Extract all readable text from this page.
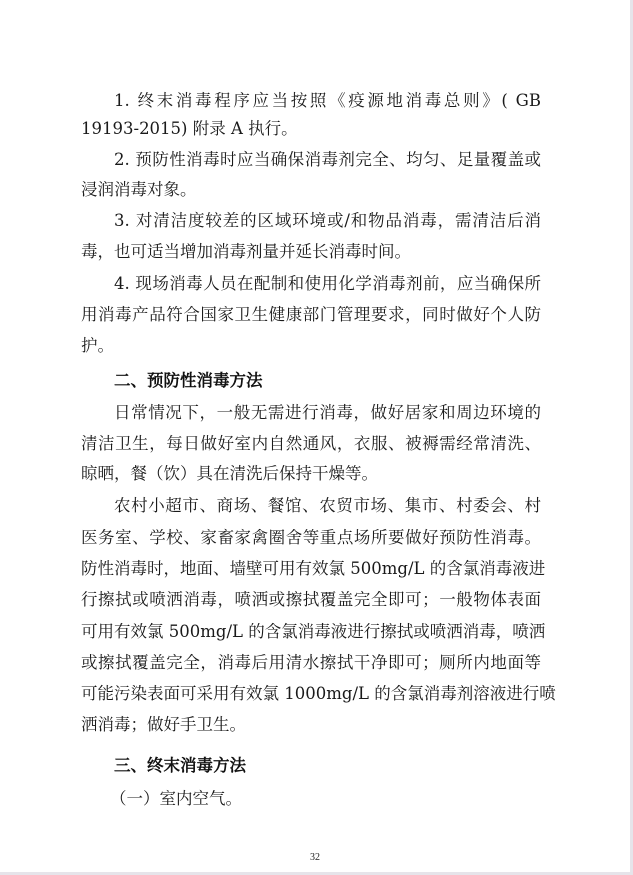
1. 终末消毒程序应当按照《疫源地消毒总则》( GB
19193-2015) 附录 A 执行。
2. 预防性消毒时应当确保消毒剂完全、均匀、足量覆盖或
浸润消毒对象。
3. 对清洁度较差的区域环境或/和物品消毒，需清洁后消
毒，也可适当增加消毒剂量并延长消毒时间。
4. 现场消毒人员在配制和使用化学消毒剂前，应当确保所
用消毒产品符合国家卫生健康部门管理要求，同时做好个人防
护。
二、预防性消毒方法
日常情况下，一般无需进行消毒，做好居家和周边环境的
清洁卫生，每日做好室内自然通风，衣服、被褥需经常清洗、
晾晒，餐（饮）具在清洗后保持干燥等。
农村小超市、商场、餐馆、农贸市场、集市、村委会、村
医务室、学校、家畜家禽圈舍等重点场所要做好预防性消毒。
防性消毒时，地面、墙壁可用有效氯 500mg/L 的含氯消毒液进
行擦拭或喷洒消毒，喷洒或擦拭覆盖完全即可；一般物体表面
可用有效氯 500mg/L 的含氯消毒液进行擦拭或喷洒消毒，喷洒
或擦拭覆盖完全，消毒后用清水擦拭干净即可；厕所内地面等
可能污染表面可采用有效氯 1000mg/L 的含氯消毒剂溶液进行喷
洒消毒；做好手卫生。
三、终末消毒方法
（一）室内空气。
32
